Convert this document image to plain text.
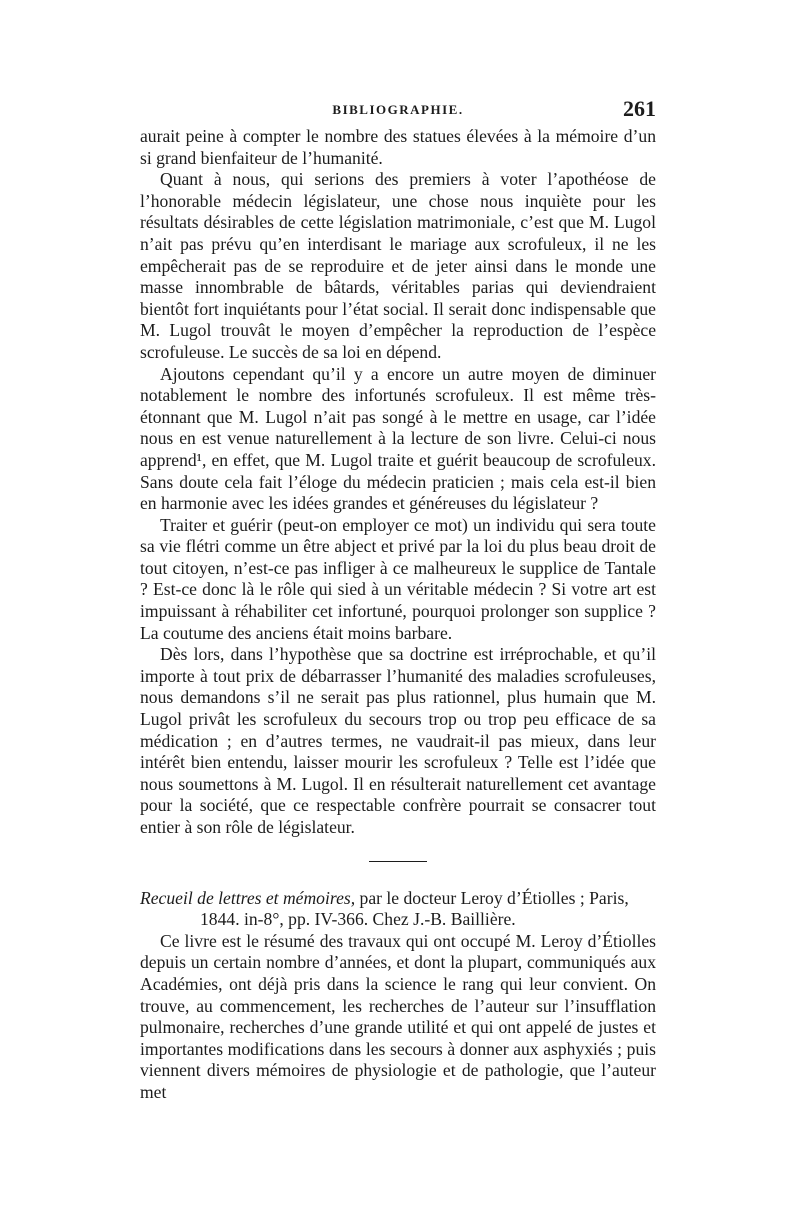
BIBLIOGRAPHIE.	261

aurait peine à compter le nombre des statues élevées à la mémoire d’un si grand bienfaiteur de l’humanité.

Quant à nous, qui serions des premiers à voter l’apothéose de l’honorable médecin législateur, une chose nous inquiète pour les résultats désirables de cette législation matrimoniale, c’est que M. Lugol n’ait pas prévu qu’en interdisant le mariage aux scrofuleux, il ne les empêcherait pas de se reproduire et de jeter ainsi dans le monde une masse innombrable de bâtards, véritables parias qui deviendraient bientôt fort inquiétants pour l’état social. Il serait donc indispensable que M. Lugol trouvât le moyen d’empêcher la reproduction de l’espèce scrofuleuse. Le succès de sa loi en dépend.

Ajoutons cependant qu’il y a encore un autre moyen de diminuer notablement le nombre des infortunés scrofuleux. Il est même très-étonnant que M. Lugol n’ait pas songé à le mettre en usage, car l’idée nous en est venue naturellement à la lecture de son livre. Celui-ci nous apprend¹, en effet, que M. Lugol traite et guérit beaucoup de scrofuleux. Sans doute cela fait l’éloge du médecin praticien ; mais cela est-il bien en harmonie avec les idées grandes et généreuses du législateur ?

Traiter et guérir (peut-on employer ce mot) un individu qui sera toute sa vie flétri comme un être abject et privé par la loi du plus beau droit de tout citoyen, n’est-ce pas infliger à ce malheureux le supplice de Tantale ? Est-ce donc là le rôle qui sied à un véritable médecin ? Si votre art est impuissant à réhabiliter cet infortuné, pourquoi prolonger son supplice ? La coutume des anciens était moins barbare.

Dès lors, dans l’hypothèse que sa doctrine est irréprochable, et qu’il importe à tout prix de débarrasser l’humanité des maladies scrofuleuses, nous demandons s’il ne serait pas plus rationnel, plus humain que M. Lugol privât les scrofuleux du secours trop ou trop peu efficace de sa médication ; en d’autres termes, ne vaudrait-il pas mieux, dans leur intérêt bien entendu, laisser mourir les scrofuleux ? Telle est l’idée que nous soumettons à M. Lugol. Il en résulterait naturellement cet avantage pour la société, que ce respectable confrère pourrait se consacrer tout entier à son rôle de législateur.

Recueil de lettres et mémoires, par le docteur Leroy d’Étiolles ; Paris,
1844. in-8°, pp. IV-366. Chez J.-B. Baillière.

Ce livre est le résumé des travaux qui ont occupé M. Leroy d’Étiolles depuis un certain nombre d’années, et dont la plupart, communiqués aux Académies, ont déjà pris dans la science le rang qui leur convient. On trouve, au commencement, les recherches de l’auteur sur l’insufflation pulmonaire, recherches d’une grande utilité et qui ont appelé de justes et importantes modifications dans les secours à donner aux asphyxiés ; puis viennent divers mémoires de physiologie et de pathologie, que l’auteur met
